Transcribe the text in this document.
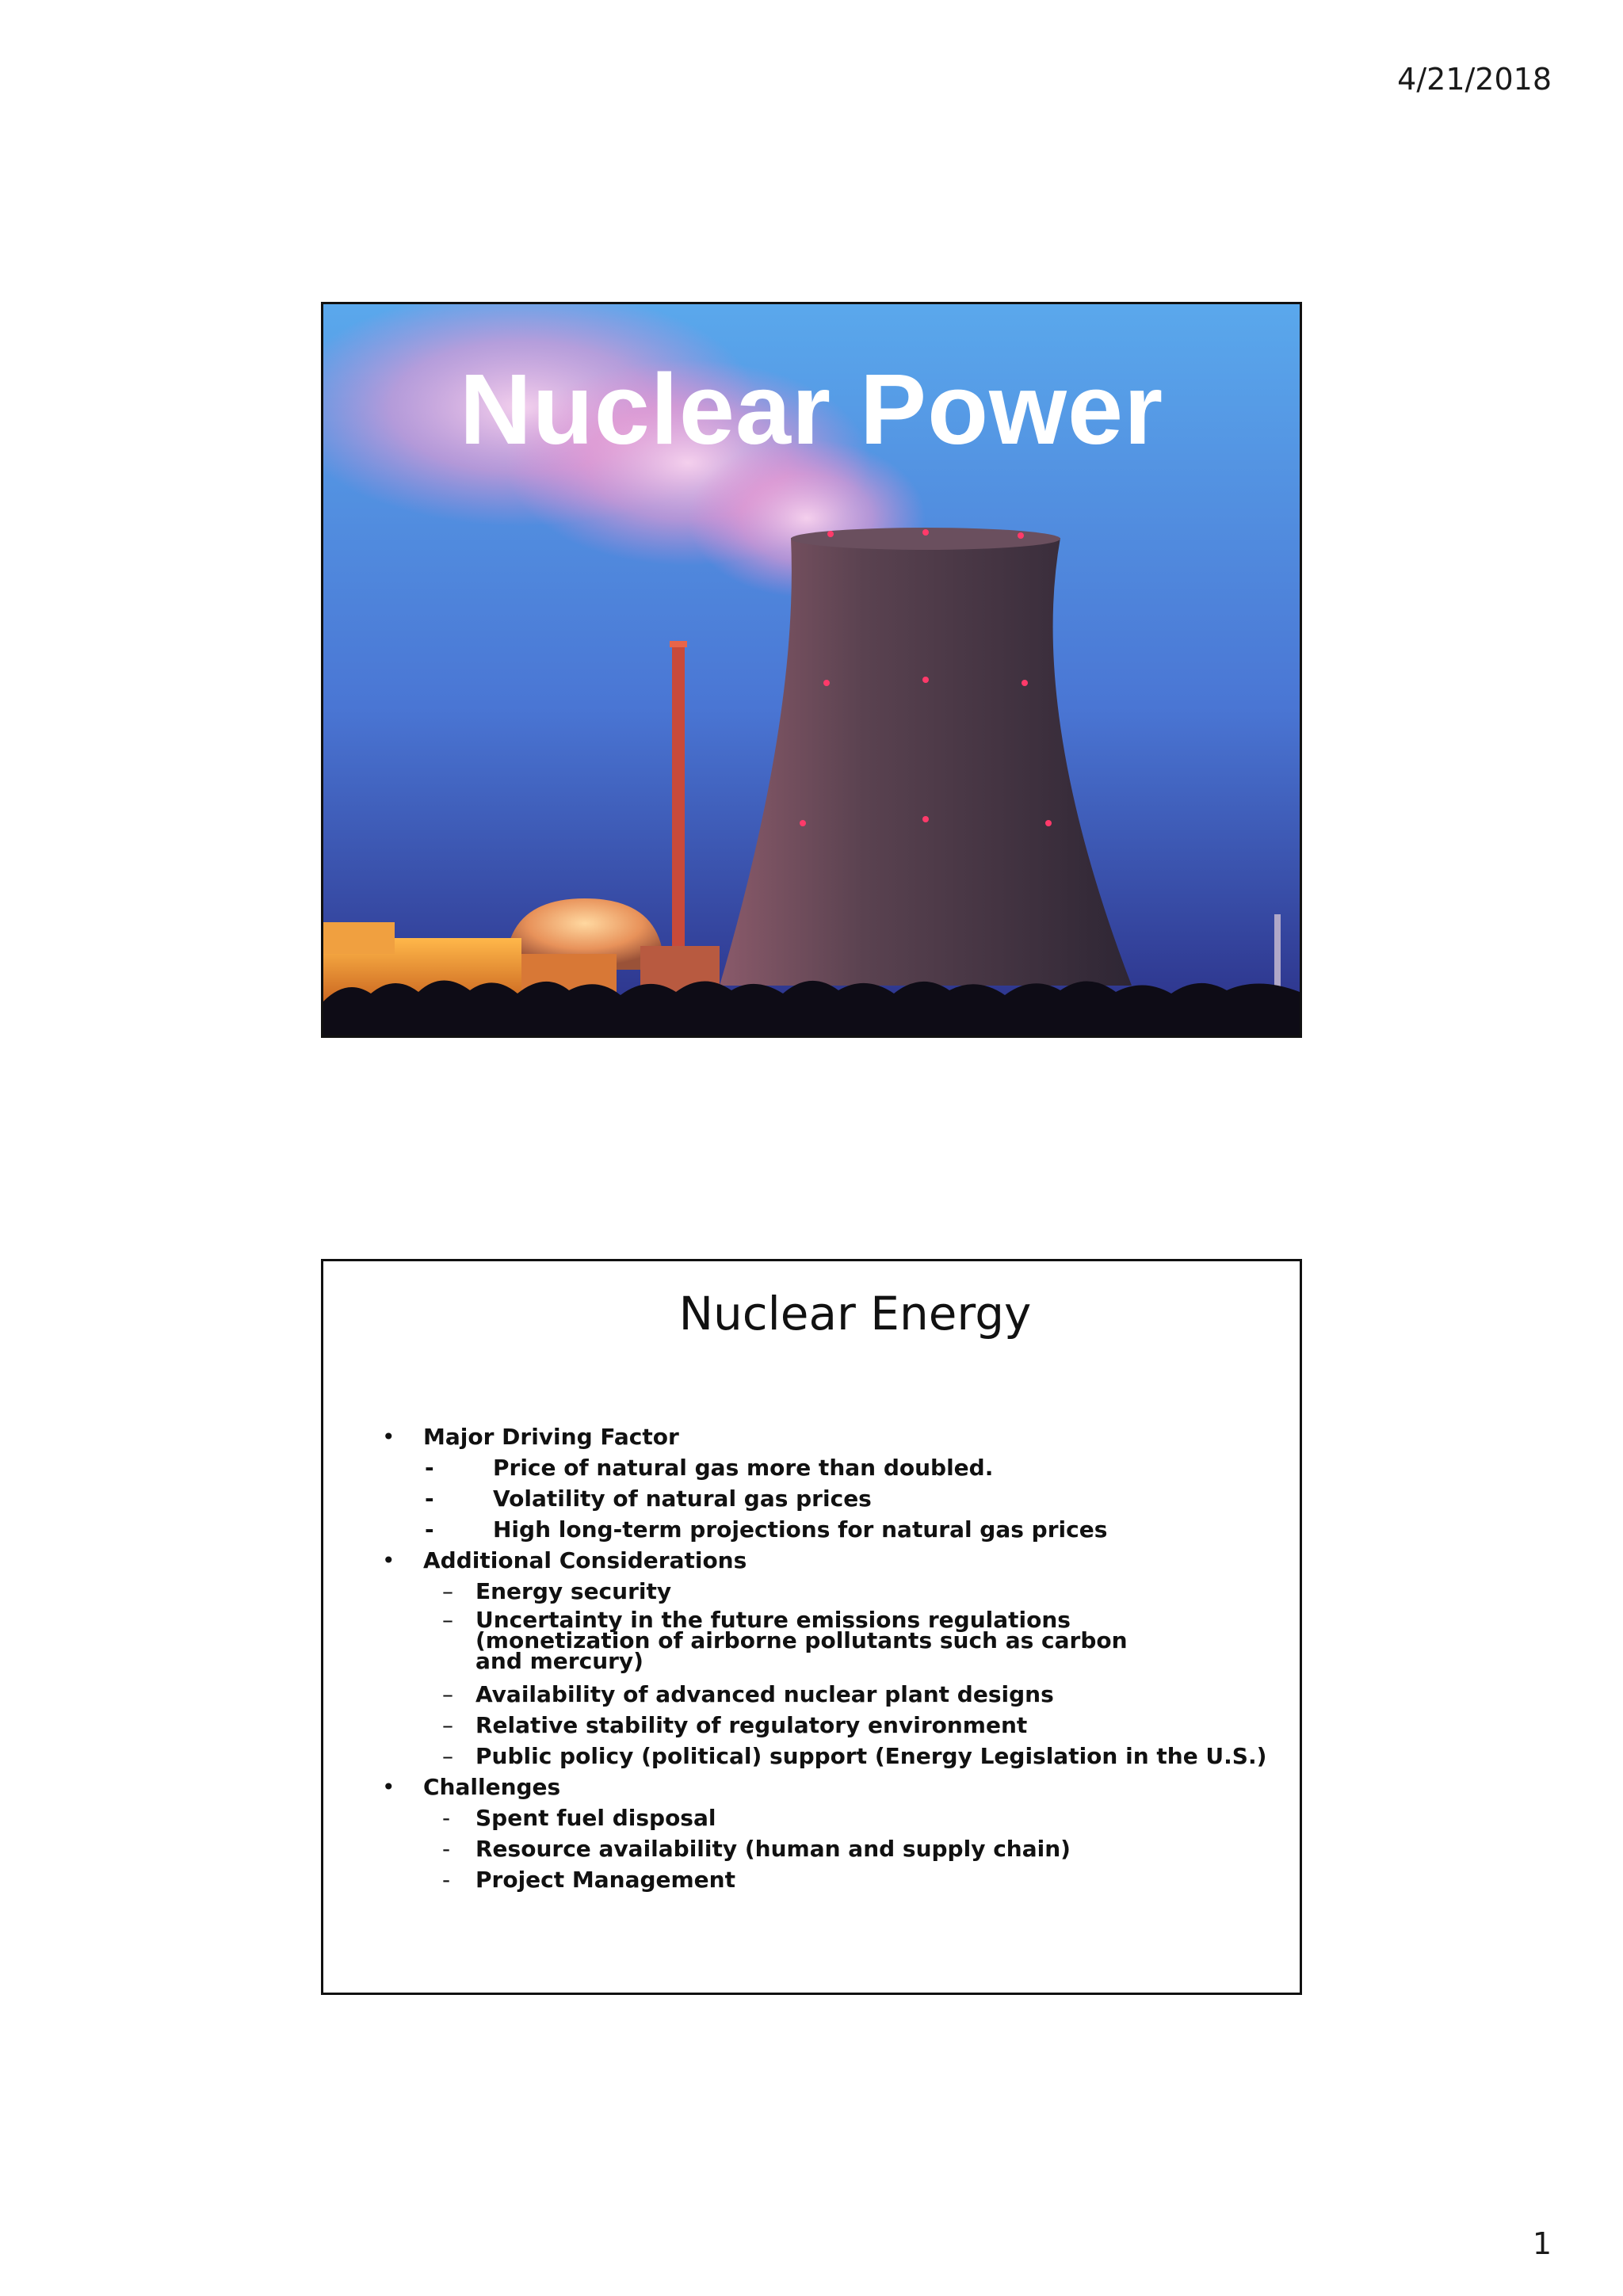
4/21/2018
Nuclear Power
Nuclear Energy
• Major Driving Factor
-	Price of natural gas more than doubled.
-	Volatility of natural gas prices
-	High long-term projections for natural gas prices
• Additional Considerations
– Energy security
– Uncertainty in the future emissions regulations (monetization of airborne pollutants such as carbon and mercury)
– Availability of advanced nuclear plant designs
– Relative stability of regulatory environment
– Public policy (political) support (Energy Legislation in the U.S.)
• Challenges
- Spent fuel disposal
- Resource availability (human and supply chain)
- Project Management
1
